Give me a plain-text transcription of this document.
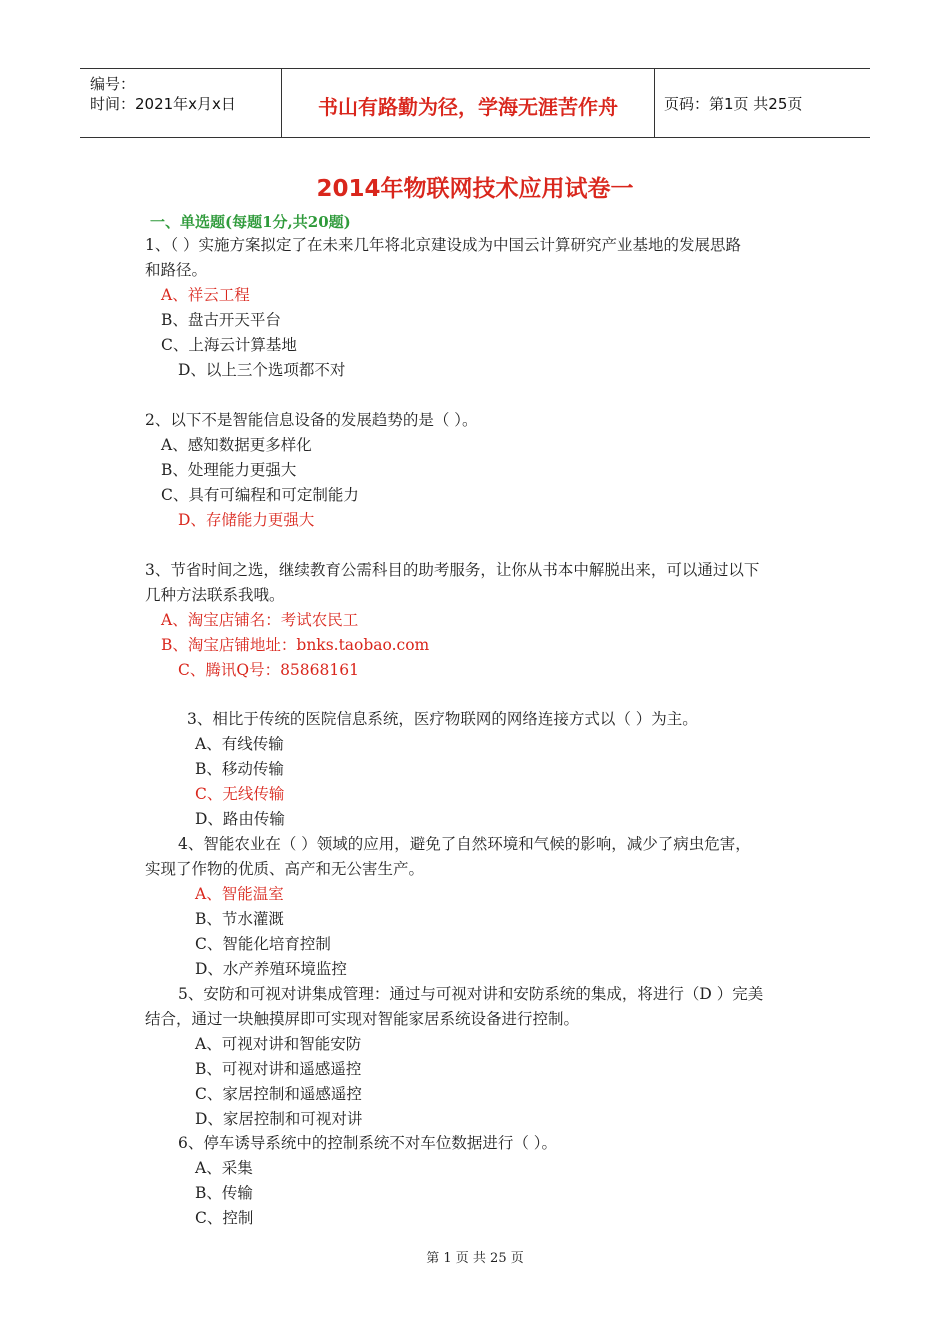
编号：
时间：2021年x月x日	书山有路勤为径，学海无涯苦作舟	页码：第1页 共25页
2014年物联网技术应用试卷一
一、单选题(每题1分,共20题)
1、（ ）实施方案拟定了在未来几年将北京建设成为中国云计算研究产业基地的发展思路
和路径。
A、祥云工程
B、盘古开天平台
C、上海云计算基地
D、以上三个选项都不对
2、以下不是智能信息设备的发展趋势的是（ ）。
A、感知数据更多样化
B、处理能力更强大
C、具有可编程和可定制能力
D、存储能力更强大
3、节省时间之选，继续教育公需科目的助考服务，让你从书本中解脱出来，可以通过以下
几种方法联系我哦。
A、淘宝店铺名：考试农民工
B、淘宝店铺地址：bnks.taobao.com
C、腾讯Q号：85868161
3、相比于传统的医院信息系统，医疗物联网的网络连接方式以（ ）为主。
A、有线传输
B、移动传输
C、无线传输
D、路由传输
4、智能农业在（ ）领域的应用，避免了自然环境和气候的影响，减少了病虫危害，
实现了作物的优质、高产和无公害生产。
A、智能温室
B、节水灌溉
C、智能化培育控制
D、水产养殖环境监控
5、安防和可视对讲集成管理：通过与可视对讲和安防系统的集成，将进行（D ）完美
结合，通过一块触摸屏即可实现对智能家居系统设备进行控制。
A、可视对讲和智能安防
B、可视对讲和遥感遥控
C、家居控制和遥感遥控
D、家居控制和可视对讲
6、停车诱导系统中的控制系统不对车位数据进行（ ）。
A、采集
B、传输
C、控制
第 1 页 共 25 页
